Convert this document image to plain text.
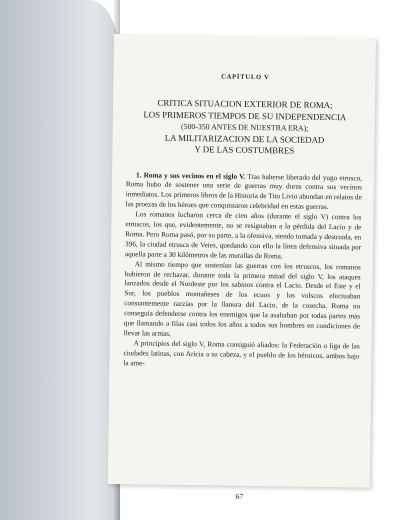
CAPÍTULO V
CRITICA SITUACION EXTERIOR DE ROMA;
LOS PRIMEROS TIEMPOS DE SU INDEPENDENCIA
(500-350 ANTES DE NUESTRA ERA);
LA MILITARIZACION DE LA SOCIEDAD
Y DE LAS COSTUMBRES

1. Roma y sus vecinos en el siglo V. Tras haberse liberado del yugo etrusco, Roma hubo de sostener una serie de guerras muy duras contra sus vecinos inmediatos. Los primeros libros de la Historia de Tito Livio abundan en relatos de las proezas de los héroes que conquistaron celebridad en estas guerras.

Los romanos lucharon cerca de cien años (durante el siglo V) contra los etruscos, los que, evidentemente, no se resignaban a la pérdida del Lacio y de Roma. Pero Roma pasó, por su parte, a la ofensiva, siendo tomada y destruida, en 396, la ciudad etrusca de Veies, quedando con ello la línea defensiva situada por aquella parte a 30 kilómetros de las murallas de Roma.

Al mismo tiempo que sostenían las guerras con los etruscos, los romanos hubieron de rechazar, durante toda la primera mitad del siglo V, los ataques lanzados desde el Nordeste por los sabinos contra el Lacio. Desde el Este y el Sur, los pueblos montañeses de los ecuos y los volscos efectuaban constantemente razzias por la llanura del Lacio, de la cosecha. Roma no conseguía defenderse contra los enemigos que la asaltaban por todas partes más que llamando a filas casi todos los años a todos sus hombres en condiciones de llevar las armas.

A principios del siglo V, Roma consiguió aliados: la Federación o liga de las ciudades latinas, con Aricia a su cabeza, y el pueblo de los hérnicos, ambos bajo la ame-

67
